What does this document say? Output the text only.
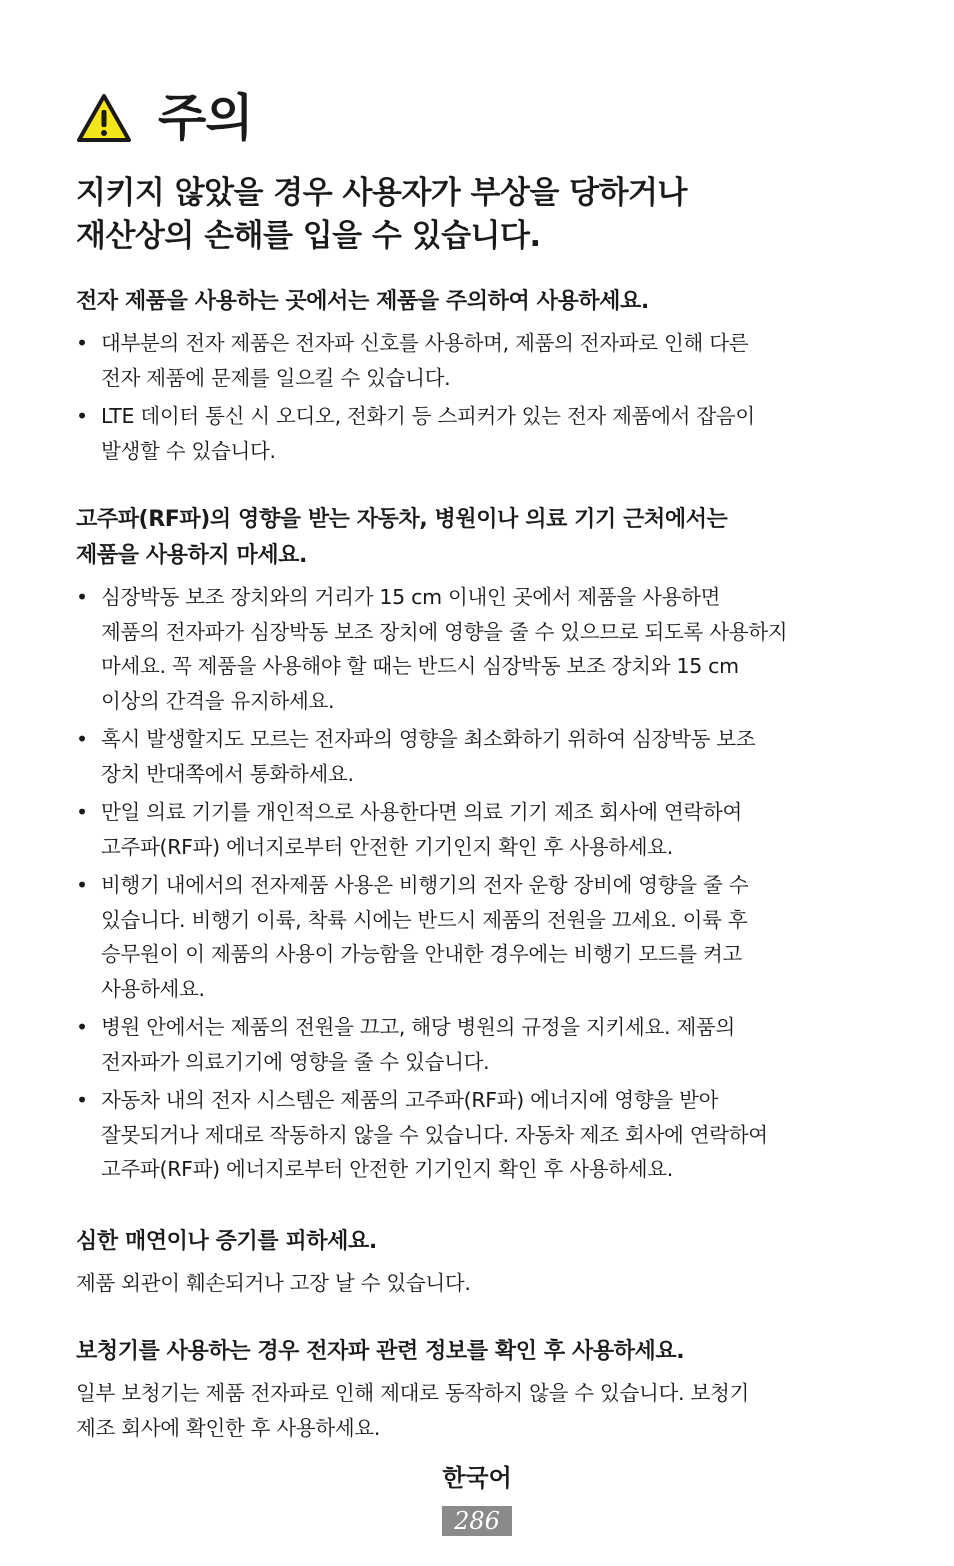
주의
지키지 않았을 경우 사용자가 부상을 당하거나
재산상의 손해를 입을 수 있습니다.
전자 제품을 사용하는 곳에서는 제품을 주의하여 사용하세요.
• 대부분의 전자 제품은 전자파 신호를 사용하며, 제품의 전자파로 인해 다른
전자 제품에 문제를 일으킬 수 있습니다.
• LTE 데이터 통신 시 오디오, 전화기 등 스피커가 있는 전자 제품에서 잡음이
발생할 수 있습니다.
고주파(RF파)의 영향을 받는 자동차, 병원이나 의료 기기 근처에서는
제품을 사용하지 마세요.
• 심장박동 보조 장치와의 거리가 15 cm 이내인 곳에서 제품을 사용하면
제품의 전자파가 심장박동 보조 장치에 영향을 줄 수 있으므로 되도록 사용하지
마세요. 꼭 제품을 사용해야 할 때는 반드시 심장박동 보조 장치와 15 cm
이상의 간격을 유지하세요.
• 혹시 발생할지도 모르는 전자파의 영향을 최소화하기 위하여 심장박동 보조
장치 반대쪽에서 통화하세요.
• 만일 의료 기기를 개인적으로 사용한다면 의료 기기 제조 회사에 연락하여
고주파(RF파) 에너지로부터 안전한 기기인지 확인 후 사용하세요.
• 비행기 내에서의 전자제품 사용은 비행기의 전자 운항 장비에 영향을 줄 수
있습니다. 비행기 이륙, 착륙 시에는 반드시 제품의 전원을 끄세요. 이륙 후
승무원이 이 제품의 사용이 가능함을 안내한 경우에는 비행기 모드를 켜고
사용하세요.
• 병원 안에서는 제품의 전원을 끄고, 해당 병원의 규정을 지키세요. 제품의
전자파가 의료기기에 영향을 줄 수 있습니다.
• 자동차 내의 전자 시스템은 제품의 고주파(RF파) 에너지에 영향을 받아
잘못되거나 제대로 작동하지 않을 수 있습니다. 자동차 제조 회사에 연락하여
고주파(RF파) 에너지로부터 안전한 기기인지 확인 후 사용하세요.
심한 매연이나 증기를 피하세요.
제품 외관이 훼손되거나 고장 날 수 있습니다.
보청기를 사용하는 경우 전자파 관련 정보를 확인 후 사용하세요.
일부 보청기는 제품 전자파로 인해 제대로 동작하지 않을 수 있습니다. 보청기
제조 회사에 확인한 후 사용하세요.
한국어
286
